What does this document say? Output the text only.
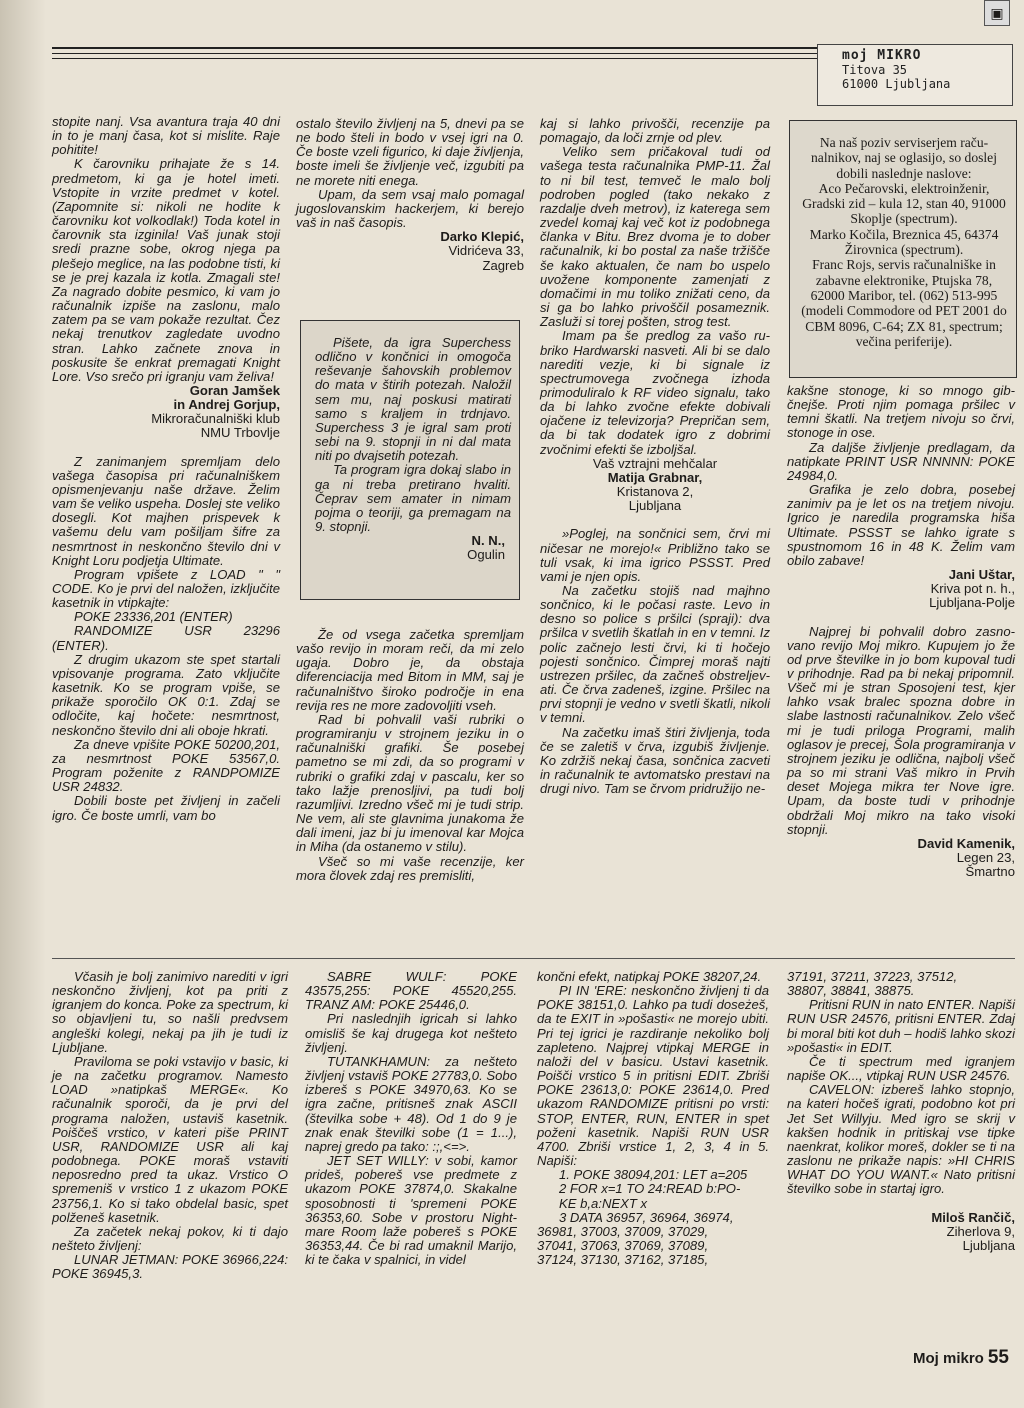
▣
moj MIKRO
Titova 35
61000 Ljubljana

stopite nanj. Vsa avantura traja 40 dni in to je manj časa, kot si mislite. Raje pohitite!

K čarovniku prihajate že s 14. predmetom, ki ga je hotel imeti. Vstopite in vrzite predmet v kotel. (Zapomnite si: nikoli ne hodite k čarovniku kot volkodlak!) Toda kotel in čarovnik sta izginila! Vaš junak stoji sredi prazne sobe, okrog njega pa plešejo meglice, na las podobne tisti, ki se je prej kazala iz kotla. Zmagali ste! Za nagrado dobite pesmico, ki vam jo računalnik izpiše na zaslonu, malo zatem pa se vam pokaže rezultat. Čez nekaj trenutkov zagledate uvodno stran. Lahko začnete znova in poskusite še enkrat premagati Knight Lore. Vso srečo pri igranju vam želiva!

Goran Jamšek
in Andrej Gorjup,
Mikroračunalniški klub
NMU Trbovlje

Z zanimanjem spremljam delo vašega časopisa pri računalniškem opismenjevanju naše države. Želim vam še veliko uspeha. Doslej ste veliko dosegli. Kot majhen prispevek k vašemu delu vam pošiljam šifre za nesmrtnost in neskončno število dni v Knight Loru podjetja Ultimate.

Program vpišete z LOAD " " CODE. Ko je prvi del naložen, izključite kasetnik in vtipkajte:

POKE 23336,201 (ENTER)

RANDOMIZE USR 23296 (ENTER).

Z drugim ukazom ste spet startali vpisovanje programa. Zato vključite kasetnik. Ko se program vpiše, se prikaže sporočilo OK 0:1. Zdaj se odločite, kaj hočete: nesmrtnost, neskončno število dni ali oboje hkrati.

Za dneve vpišite POKE 50200,201, za nesmrtnost POKE 53567,0. Program poženite z RANDPOMIZE USR 24832.

Dobili boste pet življenj in začeli igro. Če boste umrli, vam bo

ostalo število življenj na 5, dnevi pa se ne bodo šteli in bodo v vsej igri na 0. Če boste vzeli figurico, ki daje življenja, boste imeli še življenje več, izgubiti pa ne morete niti enega.

Upam, da sem vsaj malo pomagal jugoslovanskim hackerjem, ki berejo vaš in naš časopis.

Darko Klepić,
Vidrićeva 33,
Zagreb

Pišete, da igra Superchess odlično v končnici in omogoča reševanje šahovskih problemov do mata v štirih potezah. Naložil sem mu, naj poskusi matirati samo s kraljem in trdnjavo. Superchess 3 je igral sam proti sebi na 9. stopnji in ni dal mata niti po dvajsetih potezah.

Ta program igra dokaj slabo in ga ni treba pretirano hvaliti. Čeprav sem amater in nimam pojma o teoriji, ga premagam na 9. stopnji.

N. N.,
Ogulin

Že od vsega začetka spremljam vašo revijo in moram reči, da mi zelo ugaja. Dobro je, da obstaja diferenciacija med Bitom in MM, saj je računalništvo široko področje in ena revija res ne more zadovoljiti vseh.

Rad bi pohvalil vaši rubriki o programiranju v strojnem jeziku in o računalniški grafiki. Še posebej pametno se mi zdi, da so programi v rubriki o grafiki zdaj v pascalu, ker so tako lažje prenosljivi, pa tudi bolj razumljivi. Izredno všeč mi je tudi strip. Ne vem, ali ste glavnima junakoma že dali imeni, jaz bi ju imenoval kar Mojca in Miha (da ostanemo v stilu).

Všeč so mi vaše recenzije, ker mora človek zdaj res premisliti,

kaj si lahko privošči, recenzije pa pomagajo, da loči zrnje od plev.

Veliko sem pričakoval tudi od vašega testa računalnika PMP-11. Žal to ni bil test, temveč le malo bolj podroben pogled (tako nekako z razdalje dveh metrov), iz katerega sem zvedel komaj kaj več kot iz podobnega članka v Bitu. Brez dvoma je to dober računalnik, ki bo postal za naše tržišče še kako aktualen, če nam bo uspelo uvožene komponente zamenjati z domačimi in mu toliko znižati ceno, da si ga bo lahko privoščil posameznik. Zasluži si torej pošten, strog test.

Imam pa še predlog za vašo rubriko Hardwarski nasveti. Ali bi se dalo narediti vezje, ki bi signale iz spectrumovega zvočnega izhoda primoduliralo k RF video signalu, tako da bi lahko zvočne efekte dobivali ojačene iz televizorja? Prepričan sem, da bi tak dodatek igro z dobrimi zvočnimi efekti še izboljšal.

Vaš vztrajni mehčalar
Matija Grabnar,
Kristanova 2,
Ljubljana

»Poglej, na sončnici sem, črvi mi ničesar ne morejo!« Približno tako se tuli vsak, ki ima igrico PSSST. Pred vami je njen opis.

Na začetku stojiš nad majhno sončnico, ki le počasi raste. Levo in desno so police s pršilci (spraji): dva pršilca v svetlih škatlah in en v temni. Iz polic začnejo lesti črvi, ki ti hočejo pojesti sončnico. Čimprej moraš najti ustrezen pršilec, da začneš obstreljevati. Če črva zadeneš, izgine. Pršilec na prvi stopnji je vedno v svetli škatli, nikoli v temni.

Na začetku imaš štiri življenja, toda če se zaletiš v črva, izgubiš življenje. Ko zdržiš nekaj časa, sončnica zacveti in računalnik te avtomatsko prestavi na drugi nivo. Tam se črvom pridružijo ne-

Na naš poziv serviserjem računalnikov, naj se oglasijo, so doslej dobili naslednje naslove:

Aco Pečarovski, elektroinženir, Gradski zid – kula 12, stan 40, 91000 Skoplje (spectrum).

Marko Kočila, Breznica 45, 64374 Žirovnica (spectrum).

Franc Rojs, servis računalniške in zabavne elektronike, Ptujska 78, 62000 Maribor, tel. (062) 513-995 (modeli Commodore od PET 2001 do CBM 8096, C-64; ZX 81, spectrum; večina periferije).

kakšne stonoge, ki so mnogo gibčnejše. Proti njim pomaga pršilec v temni škatli. Na tretjem nivoju so črvi, stonoge in ose.

Za daljše življenje predlagam, da natipkate PRINT USR NNNNN: POKE 24984,0.

Grafika je zelo dobra, posebej zanimiv pa je let os na tretjem nivoju. Igrico je naredila programska hiša Ultimate. PSSST se lahko igrate s spustnomom 16 in 48 K. Želim vam obilo zabave!

Jani Uštar,
Kriva pot n. h.,
Ljubljana-Polje

Najprej bi pohvalil dobro zasnovano revijo Moj mikro. Kupujem jo že od prve številke in jo bom kupoval tudi v prihodnje. Rad pa bi nekaj pripomnil. Všeč mi je stran Sposojeni test, kjer lahko vsak bralec spozna dobre in slabe lastnosti računalnikov. Zelo všeč mi je tudi priloga Programi, malih oglasov je precej, Šola programiranja v strojnem jeziku je odlična, najbolj všeč pa so mi strani Vaš mikro in Prvih deset Mojega mikra ter Nove igre. Upam, da boste tudi v prihodnje obdržali Moj mikro na tako visoki stopnji.

David Kamenik,
Legen 23,
Šmartno

Včasih je bolj zanimivo narediti v igri neskončno življenj, kot pa priti z igranjem do konca. Poke za spectrum, ki so objavljeni tu, so našli predvsem angleški kolegi, nekaj pa jih je tudi iz Ljubljane.

Praviloma se poki vstavijo v basic, ki je na začetku programov. Namesto LOAD »natipkaš MERGE«. Ko računalnik sporoči, da je prvi del programa naložen, ustaviš kasetnik. Poiščeš vrstico, v kateri piše PRINT USR, RANDOMIZE USR ali kaj podobnega. POKE moraš vstaviti neposredno pred ta ukaz. Vrstico O spremeniš v vrstico 1 z ukazom POKE 23756,1. Ko si tako obdelal basic, spet polženeš kasetnik.

Za začetek nekaj pokov, ki ti dajo nešteto življenj:

LUNAR JETMAN: POKE 36966,224: POKE 36945,3.

SABRE WULF: POKE 43575,255: POKE 45520,255. TRANZ AM: POKE 25446,0.

Pri naslednjih igricah si lahko omisliš še kaj drugega kot nešteto življenj.

TUTANKHAMUN: za nešteto življenj vstaviš POKE 27783,0. Sobo izbereš s POKE 34970,63. Ko se igra začne, pritisneš znak ASCII (številka sobe + 48). Od 1 do 9 je znak enak številki sobe (1 = 1...), naprej gredo pa tako: :;,<=>.

JET SET WILLY: v sobi, kamor prideš, pobereš vse predmete z ukazom POKE 37874,0. Skakalne sposobnosti ti 'spremeni POKE 36353,60. Sobe v prostoru Nightmare Room laže pobereš s POKE 36353,44. Če bi rad umaknil Marijo, ki te čaka v spalnici, in videl

končni efekt, natipkaj POKE 38207,24.

PI IN 'ERE: neskončno življenj ti da POKE 38151,0. Lahko pa tudi doseżeš, da te EXIT in »pošasti« ne morejo ubiti. Pri tej igrici je razdiranje nekoliko bolj zapleteno. Najprej vtipkaj MERGE in naloži del v basicu. Ustavi kasetnik. Poišči vrstico 5 in pritisni EDIT. Zbriši POKE 23613,0: POKE 23614,0. Pred ukazom RANDOMIZE pritisni po vrsti: STOP, ENTER, RUN, ENTER in spet poženi kasetnik. Napiši RUN USR 4700. Zbriši vrstice 1, 2, 3, 4 in 5. Napiši:

1. POKE 38094,201: LET a=205

2 FOR x=1 TO 24:READ b:PO-

KE b,a:NEXT x

3 DATA 36957, 36964, 36974,

36981, 37003, 37009, 37029,

37041, 37063, 37069, 37089,

37124, 37130, 37162, 37185,

37191, 37211, 37223, 37512,

38807, 38841, 38875.

Pritisni RUN in nato ENTER. Napiši RUN USR 24576, pritisni ENTER. Zdaj bi moral biti kot duh – hodiš lahko skozi »pošasti« in EDIT.

Če ti spectrum med igranjem napiše OK..., vtipkaj RUN USR 24576.

CAVELON: izbereš lahko stopnjo, na kateri hočeš igrati, podobno kot pri Jet Set Willyju. Med igro se skrij v kakšen hodnik in pritiskaj vse tipke naenkrat, kolikor moreš, dokler se ti na zaslonu ne prikaže napis: »HI CHRIS WHAT DO YOU WANT.« Nato pritisni številko sobe in startaj igro.

Miloš Rančič,
Ziherlova 9,
Ljubljana
Moj mikro 55
